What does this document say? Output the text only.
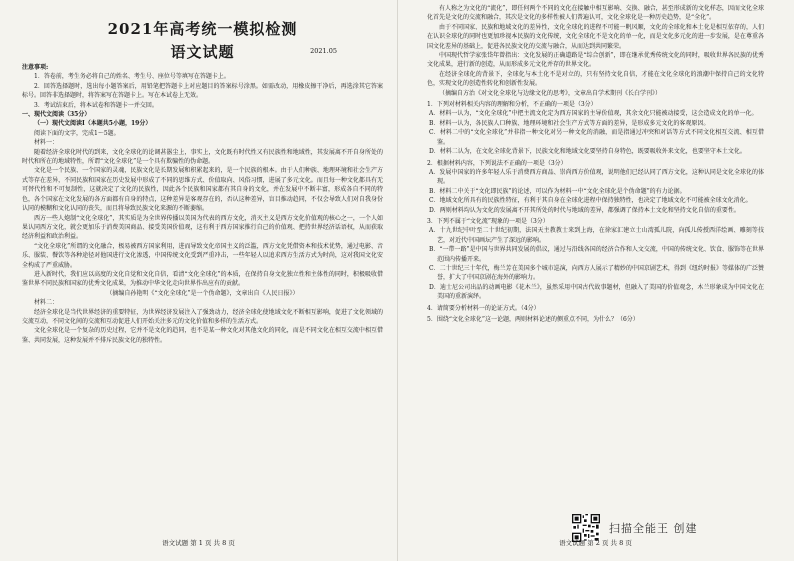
2021年高考统一模拟检测
语文试题	2021.05

注意事项:

1．答卷前，考生务必将自己的姓名、考生号、座位号等填写在答题卡上。

2．回答选择题时，选出每小题答案后，用铅笔把答题卡上对应题目的答案标号涂黑。如需改动，用橡皮擦干净后，再选涂其它答案标号。回答非选择题时，将答案写在答题卡上。写在本试卷上无效。

3．考试结束后，将本试卷和答题卡一并交回。

一、现代文阅读（35分）

（一）现代文阅读Ⅰ（本题共5小题，19分）

阅读下面的文字，完成1～5题。

材料一：

随着经济全球化时代的到来，文化全球化的论调甚嚣尘上，事实上，文化既有时代性又有民族性和地域性，其发展离不开自身所处的时代和所在的地域特性，所谓“文化全球化”是一个具有欺骗性的伪命题。

文化是一个民族、一个国家的灵魂，民族文化是长期发展和积累起来的，是一个民族的根本。由于人们种族、地理环境和社会生产方式等存在差异，不同民族和国家在历史发展中形成了不同的思维方式、价值取向、风俗习惯，进展了多元文化。而且每一种文化都具有无可替代性和不可复制性，这就决定了文化的民族性，因此各个民族和国家都有其自身的文化，并在发展中不断丰富，形成各自不同的特色，各个国家在文化发展的各方面都有自身的特点，这种差异是客观存在的，否认这种差异，盲目推动趋同，不仅会导致人们对自我身份认同的模糊和文化认同的丧失，而且将导致民族文化来源的不断萎缩。

西方一些人炮制“文化全球化”，其实质是为全世界传播以美国为代表的西方文化，消灭主义是西方文化价值观的核心之一，一个人如果认同西方文化，就会更加乐于消费美国商品、接受美国价值观，这有利于西方国家推行自己的价值观、把持世界经济话语权，从而获取经济利益和政治利益。

“文化全球化”所谓的文化融合，极易被西方国家利用，进而导致文化帝国主义的泛滥，西方文化凭借资本和技术优势，通过电影、音乐、服装、餐饮等各种途径对他国进行文化渗透，中国传统文化受到严重冲击，一些年轻人以追求西方生活方式为时尚，这对我国文化安全构成了严重威胁。

进入新时代，我们应以高度的文化自觉和文化自信，看清“文化全球化”的本质，在保持自身文化独立性和主体性的同时，积极吸收借鉴世界不同民族和国家的优秀文化成果，为推动中华文化走向世界作出应有的贡献。

（摘编自孙艳明《“文化全球化”是一个伪命题》，文章出自《人民日报》）

材料二：

经济全球化是当代世界经济的重要特征，为世界经济发展注入了强劲动力，经济全球化使地域文化不断相互影响，促进了文化领域的交流互动，不同文化间的交流和互动促进人们开始关注多元的文化价值和多样的生活方式。

文化全球化是一个复杂的历史过程，它并不是文化的趋同，也不是某一种文化对其他文化的同化，而是不同文化在相互交流中相互借鉴、共同发展，这种发展并不排斥民族文化的独特性。

语文试题 第 1 页 共 8 页

有人称之为文化的“流化”，即任何两个不同的文化在接触中相互影响、交换、融合，甚至形成新的文化样态，因而文化全球化首先是文化的交流和融合，其次是文化的多样性被人们普遍认可，文化全球化是一种历史趋势，是“全化”。

由于不同国家、民族和地域文化的差异性，文化全球化的进程不可能一帆风顺，文化的全球化和本土化是相互依存的，人们在认识全球化的同时也更加珍视本民族的文化传统，文化全球化不是文化的单一化，而是文化多元化的进一步发展，是在尊重各国文化差异的基础上，促进各民族文化的交流与融合，从而达到共同繁荣。

中国现代哲学家张岱年曾指出：文化发展的正确道路是“综合创新”，即在继承优秀传统文化的同时，吸收世界各民族的优秀文化成果，进行新的创造，从而形成多元文化并存的世界文化。

在经济全球化的背景下，全球化与本土化不是对立的，只有坚持文化自信，才能在文化全球化的浪潮中保持自己的文化特色，实现文化的创造性转化和创新性发展。

（摘编自方治《对文化全球化与边缘文化的思考》，文章出自学术期刊《长白学刊》）

1．下列对材料相关内容的理解和分析，不正确的一项是（3分）

A．材料一认为，“文化全球化”中把主流文化定为西方国家的主导价值观，其余文化只能被动接受，这会造成文化的单一化。

B．材料一认为，各民族人口种族、地理环境和社会生产方式等方面的差异，是形成多元文化的客观原因。

C．材料二中的“文化全球化”并非指一种文化对另一种文化的消融，而是指通过冲突和对话等方式不同文化相互交流、相互借鉴。

D．材料二认为，在文化全球化背景下，民族文化和地域文化要坚持自身特色，既要吸收外来文化，也要坚守本土文化。

2．根据材料内容，下列说法不正确的一项是（3分）

A．发展中国家的许多年轻人乐于消费西方商品、崇尚西方价值观，说明他们已经认同了西方文化，这种认同是文化全球化的体现。

B．材料二中关于“文化即民族”的论述，可以作为材料一中“文化全球化是个伪命题”的有力论据。

C．地域文化所具有的民族性特征，有利于其自身在全球化进程中保持独特性，也决定了地域文化不可能被全球文化消化。

D．两则材料均认为文化的发展离不开其所处的时代与地域的差异，都强调了保持本土文化和坚持文化自信的重要性。

3．下列不属于“文化流”现象的一项是（3分）

A．十九世纪中叶至二十世纪初期，法国天主教教士来到上海，在徐家汇建立土山湾孤儿院，向孤儿传授西洋绘画、雕刻等技艺，对近代中国画坛产生了深远的影响。

B．“一带一路”是中国与世界共同发展的倡议，通过与沿线各国的经济合作和人文交流，中国的传统文化、饮食、服饰等在世界范围内传播开来。

C．二十世纪三十年代，梅兰芳在美国多个城市巡演，向西方人展示了精妙的中国京剧艺术，得到《纽约时报》等媒体的广泛赞誉，扩大了中国京剧在海外的影响力。

D．迪士尼公司出品的动画电影《花木兰》，虽然采用中国古代故事题材，但融入了美国的价值观念，木兰形象成为中国文化在美国的重新演绎。

4．请简要分析材料一的论证方式。（4分）

5．围绕“文化全球化”这一论题，两则材料论述的侧重点不同，为什么？（6分）

扫描全能王 创建
语文试题 第 2 页 共 8 页
